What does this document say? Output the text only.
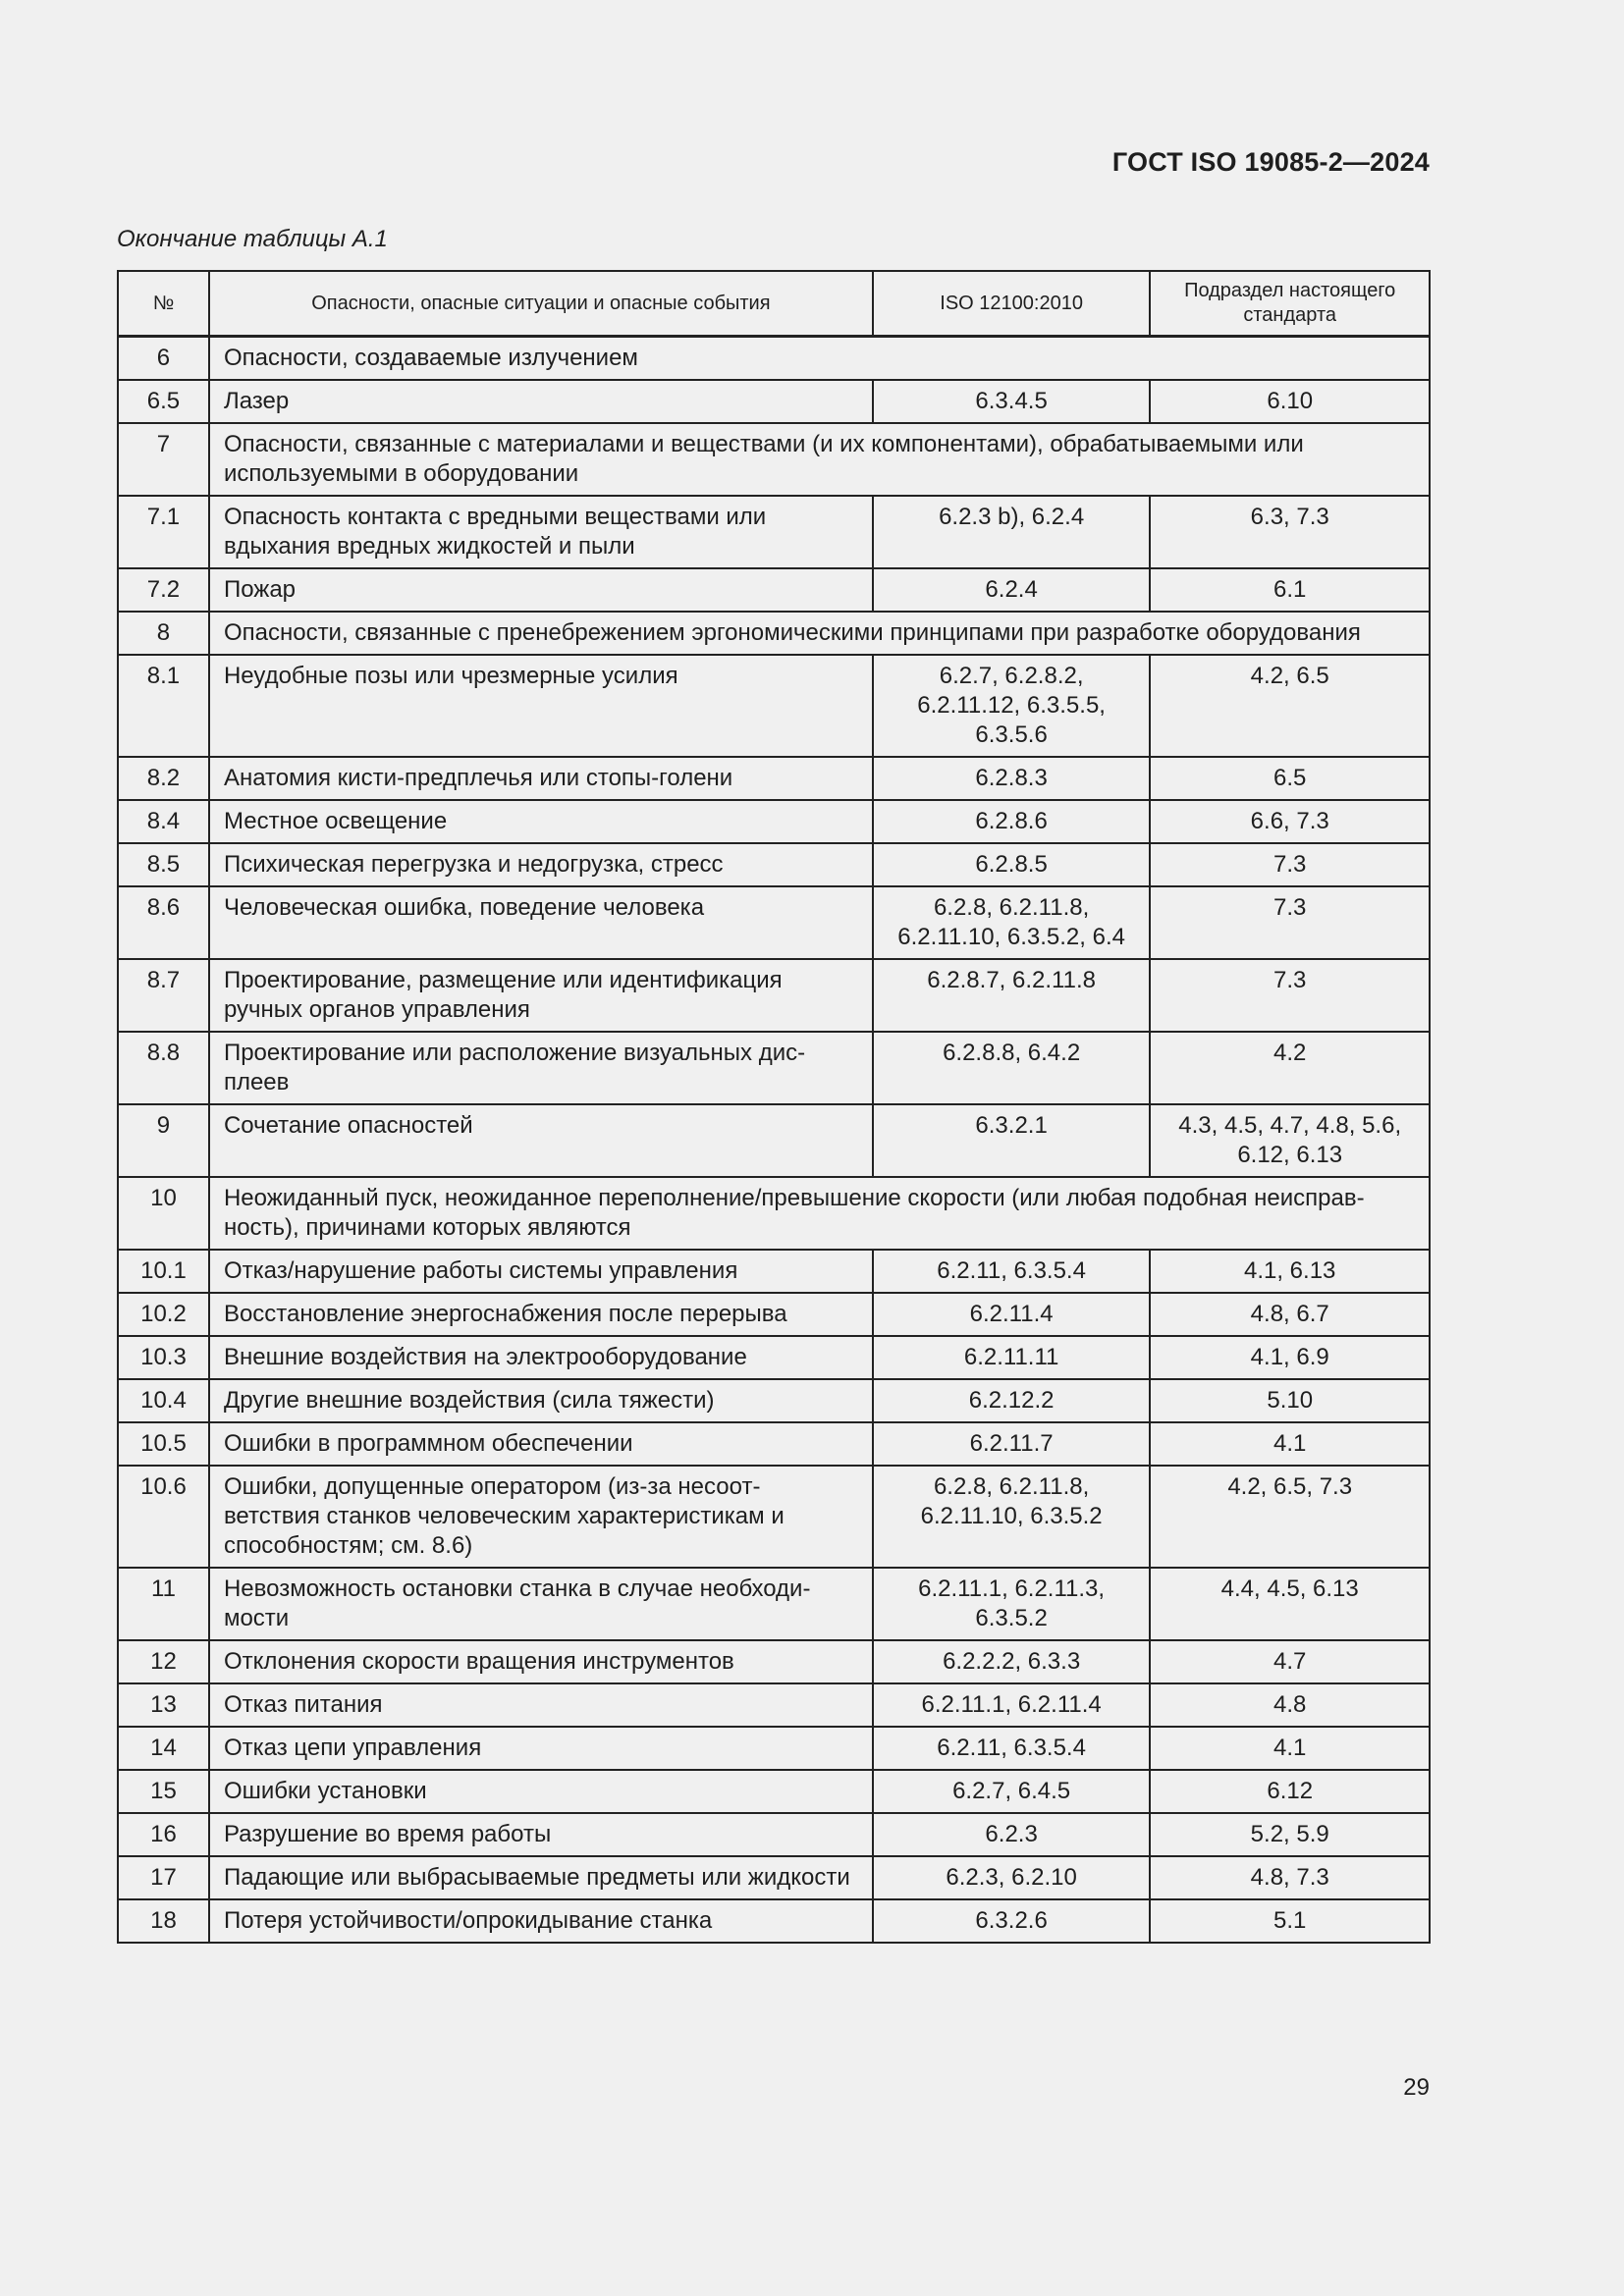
ГОСТ ISO 19085-2—2024
Окончание таблицы А.1
№	Опасности, опасные ситуации и опасные события	ISO 12100:2010	Подраздел настоящего стандарта
6	Опасности, создаваемые излучением		
6.5	Лазер	6.3.4.5	6.10
7	Опасности, связанные с материалами и веществами (и их компонентами), обрабатываемыми или используемыми в оборудовании		
7.1	Опасность контакта с вредными веществами или вдыхания вредных жидкостей и пыли	6.2.3 b), 6.2.4	6.3, 7.3
7.2	Пожар	6.2.4	6.1
8	Опасности, связанные с пренебрежением эргономическими принципами при разработке оборудования		
8.1	Неудобные позы или чрезмерные усилия	6.2.7, 6.2.8.2, 6.2.11.12, 6.3.5.5, 6.3.5.6	4.2, 6.5
8.2	Анатомия кисти-предплечья или стопы-голени	6.2.8.3	6.5
8.4	Местное освещение	6.2.8.6	6.6, 7.3
8.5	Психическая перегрузка и недогрузка, стресс	6.2.8.5	7.3
8.6	Человеческая ошибка, поведение человека	6.2.8, 6.2.11.8, 6.2.11.10, 6.3.5.2, 6.4	7.3
8.7	Проектирование, размещение или идентификация ручных органов управления	6.2.8.7, 6.2.11.8	7.3
8.8	Проектирование или расположение визуальных дис- плеев	6.2.8.8, 6.4.2	4.2
9	Сочетание опасностей	6.3.2.1	4.3, 4.5, 4.7, 4.8, 5.6, 6.12, 6.13
10	Неожиданный пуск, неожиданное переполнение/превышение скорости (или любая подобная неисправ- ность), причинами которых являются		
10.1	Отказ/нарушение работы системы управления	6.2.11, 6.3.5.4	4.1, 6.13
10.2	Восстановление энергоснабжения после перерыва	6.2.11.4	4.8, 6.7
10.3	Внешние воздействия на электрооборудование	6.2.11.11	4.1, 6.9
10.4	Другие внешние воздействия (сила тяжести)	6.2.12.2	5.10
10.5	Ошибки в программном обеспечении	6.2.11.7	4.1
10.6	Ошибки, допущенные оператором (из-за несоот- ветствия станков человеческим характеристикам и способностям; см. 8.6)	6.2.8, 6.2.11.8, 6.2.11.10, 6.3.5.2	4.2, 6.5, 7.3
11	Невозможность остановки станка в случае необходи- мости	6.2.11.1, 6.2.11.3, 6.3.5.2	4.4, 4.5, 6.13
12	Отклонения скорости вращения инструментов	6.2.2.2, 6.3.3	4.7
13	Отказ питания	6.2.11.1, 6.2.11.4	4.8
14	Отказ цепи управления	6.2.11, 6.3.5.4	4.1
15	Ошибки установки	6.2.7, 6.4.5	6.12
16	Разрушение во время работы	6.2.3	5.2, 5.9
17	Падающие или выбрасываемые предметы или жидкости	6.2.3, 6.2.10	4.8, 7.3
18	Потеря устойчивости/опрокидывание станка	6.3.2.6	5.1
29
